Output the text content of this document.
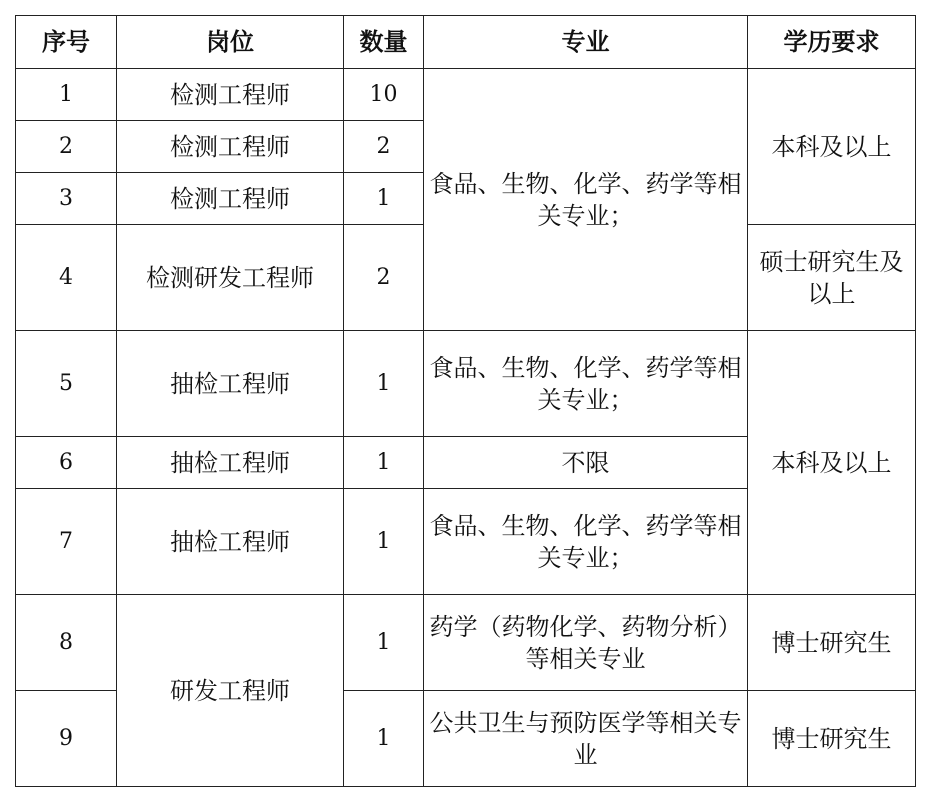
序号	岗位	数量	专业	学历要求
1	检测工程师	10	食品、生物、化学、药学等相关专业；	本科及以上
2	检测工程师	2		
3	检测工程师	1		
4	检测研发工程师	2		硕士研究生及以上
5	抽检工程师	1	食品、生物、化学、药学等相关专业；	本科及以上
6	抽检工程师	1	不限	
7	抽检工程师	1	食品、生物、化学、药学等相关专业；	
8	研发工程师	1	药学（药物化学、药物分析）等相关专业	博士研究生
9		1	公共卫生与预防医学等相关专业	博士研究生
